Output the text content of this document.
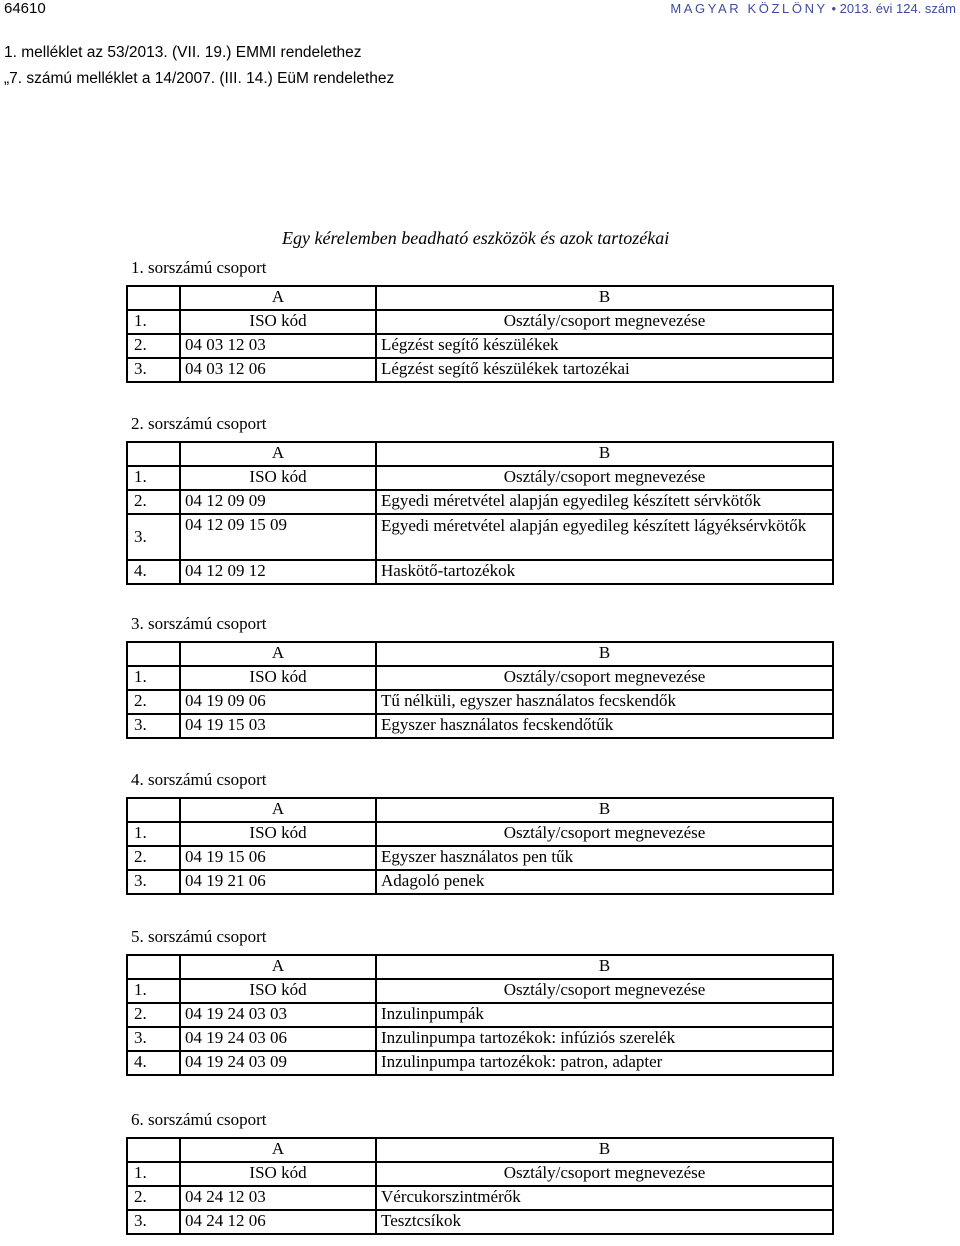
64610	MAGYAR KÖZLÖNY • 2013. évi 124. szám
1. melléklet az 53/2013. (VII. 19.) EMMI rendelethez
„7. számú melléklet a 14/2007. (III. 14.) EüM rendelethez
Egy kérelemben beadható eszközök és azok tartozékai
1. sorszámú csoport
	A	B
1.	ISO kód	Osztály/csoport megnevezése
2.	04 03 12 03	Légzést segítő készülékek
3.	04 03 12 06	Légzést segítő készülékek tartozékai
2. sorszámú csoport
	A	B
1.	ISO kód	Osztály/csoport megnevezése
2.	04 12 09 09	Egyedi méretvétel alapján egyedileg készített sérvkötők
3.	04 12 09 15 09	Egyedi méretvétel alapján egyedileg készített lágyéksérvkötők
4.	04 12 09 12	Haskötő-tartozékok
3. sorszámú csoport
	A	B
1.	ISO kód	Osztály/csoport megnevezése
2.	04 19 09 06	Tű nélküli, egyszer használatos fecskendők
3.	04 19 15 03	Egyszer használatos fecskendőtűk
4. sorszámú csoport
	A	B
1.	ISO kód	Osztály/csoport megnevezése
2.	04 19 15 06	Egyszer használatos pen tűk
3.	04 19 21 06	Adagoló penek
5. sorszámú csoport
	A	B
1.	ISO kód	Osztály/csoport megnevezése
2.	04 19 24 03 03	Inzulinpumpák
3.	04 19 24 03 06	Inzulinpumpa tartozékok: infúziós szerelék
4.	04 19 24 03 09	Inzulinpumpa tartozékok: patron, adapter
6. sorszámú csoport
	A	B
1.	ISO kód	Osztály/csoport megnevezése
2.	04 24 12 03	Vércukorszintmérők
3.	04 24 12 06	Tesztcsíkok
